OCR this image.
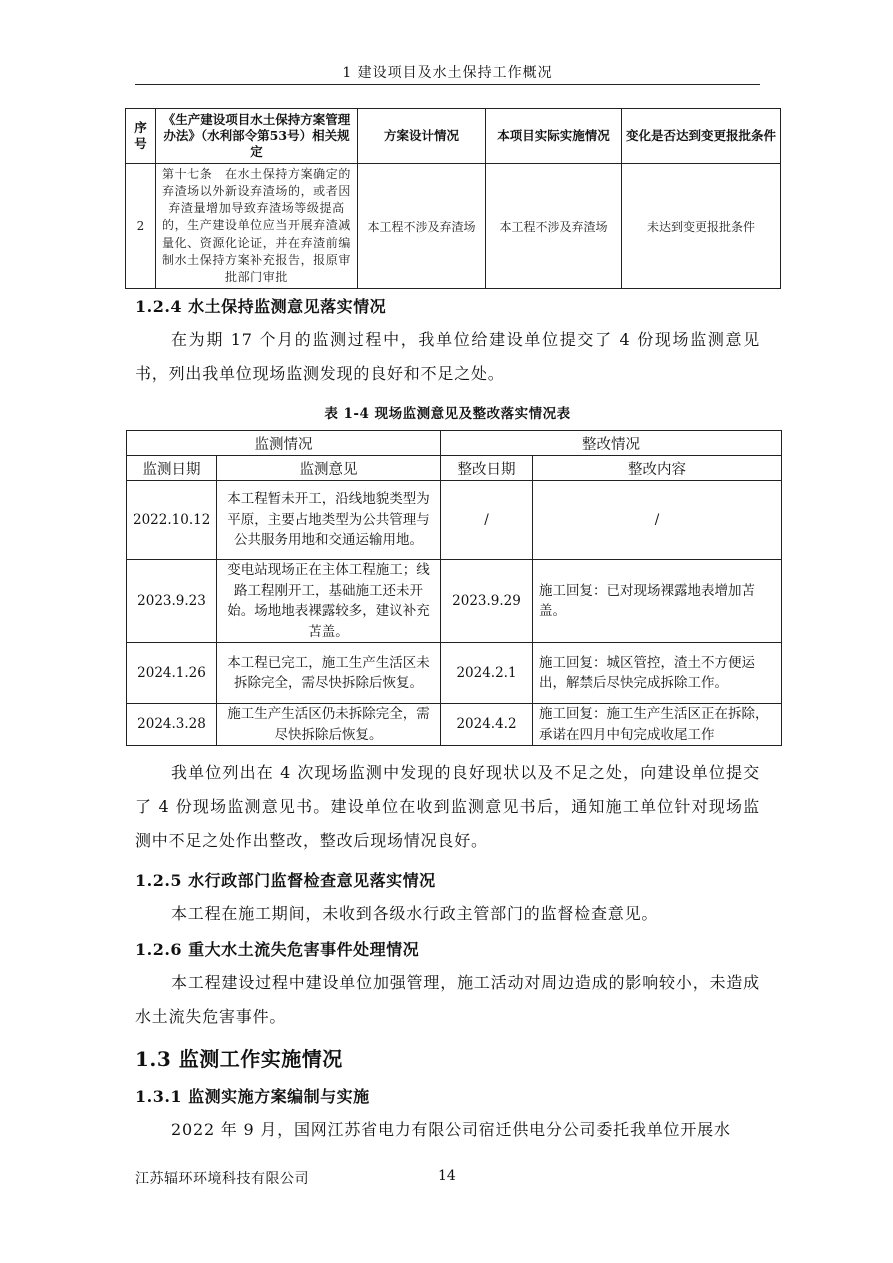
1 建设项目及水土保持工作概况
序号	《生产建设项目水土保持方案管理办法》（水利部令第53号）相关规定	方案设计情况	本项目实际实施情况	变化是否达到变更报批条件
2	第十七条　在水土保持方案确定的弃渣场以外新设弃渣场的，或者因弃渣量增加导致弃渣场等级提高的，生产建设单位应当开展弃渣减量化、资源化论证，并在弃渣前编制水土保持方案补充报告，报原审批部门审批	本工程不涉及弃渣场	本工程不涉及弃渣场	未达到变更报批条件
1.2.4 水土保持监测意见落实情况

在为期 17 个月的监测过程中，我单位给建设单位提交了 4 份现场监测意见书，列出我单位现场监测发现的良好和不足之处。

表 1-4 现场监测意见及整改落实情况表
监测情况		整改情况	
监测日期	监测意见	整改日期	整改内容
2022.10.12	本工程暂未开工，沿线地貌类型为平原，主要占地类型为公共管理与公共服务用地和交通运输用地。	/	/
2023.9.23	变电站现场正在主体工程施工；线路工程刚开工，基础施工还未开始。场地地表裸露较多，建议补充苫盖。	2023.9.29	施工回复：已对现场裸露地表增加苫盖。
2024.1.26	本工程已完工，施工生产生活区未拆除完全，需尽快拆除后恢复。	2024.2.1	施工回复：城区管控，渣土不方便运出，解禁后尽快完成拆除工作。
2024.3.28	施工生产生活区仍未拆除完全，需尽快拆除后恢复。	2024.4.2	施工回复：施工生产生活区正在拆除，承诺在四月中旬完成收尾工作

我单位列出在 4 次现场监测中发现的良好现状以及不足之处，向建设单位提交了 4 份现场监测意见书。建设单位在收到监测意见书后，通知施工单位针对现场监测中不足之处作出整改，整改后现场情况良好。

1.2.5 水行政部门监督检查意见落实情况

本工程在施工期间，未收到各级水行政主管部门的监督检查意见。

1.2.6 重大水土流失危害事件处理情况

本工程建设过程中建设单位加强管理，施工活动对周边造成的影响较小，未造成水土流失危害事件。

1.3 监测工作实施情况
1.3.1 监测实施方案编制与实施

2022 年 9 月，国网江苏省电力有限公司宿迁供电分公司委托我单位开展水

江苏辐环环境科技有限公司	14
